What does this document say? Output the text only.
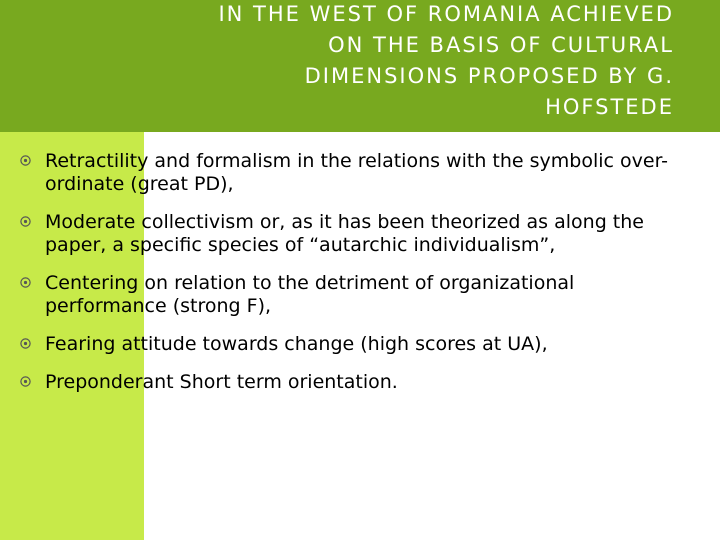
IN THE WEST OF ROMANIA ACHIEVED
ON THE BASIS OF CULTURAL
DIMENSIONS PROPOSED BY G.
HOFSTEDE
Retractility and formalism in the relations with the symbolic over-ordinate (great PD),
Moderate collectivism or, as it has been theorized as along the paper, a specific species of “autarchic individualism”,
Centering on relation to the detriment of organizational performance (strong F),
Fearing attitude towards change (high scores at UA),
Preponderant Short term orientation.
